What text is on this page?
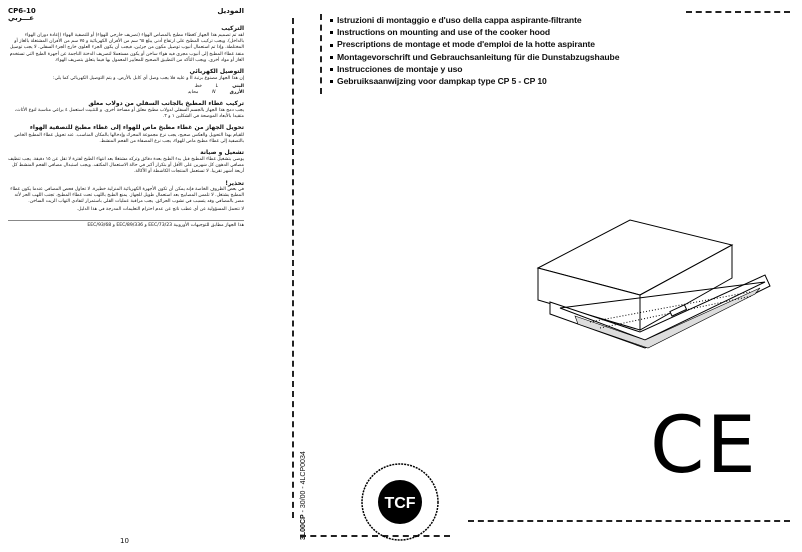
الموديل
CP6-10
عـــربي
التركيب

لقد تم تصميم هذا الجهاز كغطاء مطبخ بالمصاص الهواء (تصريف خارجي للهواء) أو للتصفية الهواء (إعادة دوران الهواء بالداخل). ويجب تركيب المطبخ على ارتفاع أدنى يبلغ ٦٥ سم من الأفران الكهربائية و ٧٥ سم من الأفران المشتغلة بالغاز أو المختلطة. وإذا تم استعمال أنبوب توصيل مكون من جزئين، فيجب أن يكون الجزء العلوي خارج الجزء السفلي. لا يجب توصيل منفذ غطاء المطبخ إلى أنبوب مجرى فيه هواء ساخن أو يكون مستعملا لتصريف الدخنة الناجمة عن أجهزة الطبخ التي تستخدم الغاز أو مواد أخرى. ويجب التأكد من التطبيق الصحيح للمعايير المعمول بها فيما يتعلق بتصريف الهواء.

التوصيل الكهربائي

إن هذا الجهاز مصنوع برتبة II و عليه فلا يجب وصل أي كابل بالأرض. و يتم التوصيل الكهربائي كما يلي:

البني
L
خط
الأزرق
N
محايد
تركيب غطاء المطبخ بالجانب السفلي من دولاب معلق

يجب دمج هذا الجهاز بالجسم السفلي لدولاب مطبخ معلق أو مساحة أخرى. و للتثبيت استعمل ٤ براغي مناسبة لنوع الأثاث، متقيدا بالأبعاد الموضحة في الشكلين ١ و ٢.

تحويل الجهاز من غطاء مطبخ ماص للهواء إلى غطاء مطبخ للتصفية الهواء

للقيام بهذا التحويل والعكس صحيح، يجب نزع مجموعة المحرك وإدخالها بالمكان المناسب. عند تحويل غطاء المطبخ الخاص بالتصفية إلى غطاء مطبخ ماص للهواء، يجب نزع المصفاة من الفحم المنشط.

تشغيل و صيانة

يوصى بتشغيل غطاء المطبخ قبل بدء الطبخ بعدة دقائق وتركه مشتغلا بعد انتهاء الطبخ لفترة لا تقل عن ١٥ دقيقة. يجب تنظيف مصافي الدهون كل شهرين على الأقل أو بتكرار أكبر في حالة الاستعمال المكثف. ويجب استبدال مصافي الفحم المنشط كل أربعة أشهر تقريبا. لا تستعمل المنتجات الكاشطة أو الأكالة.

تحذير!

في بعض الظروف الخاصة فإنه يمكن أن تكون الأجهزة الكهربائية المنزلية خطيرة. لا تحاول فحص المصافي عندما يكون غطاء المطبخ يشتغل. لا تلمس المصابيح بعد استعمال طويل للجهاز. يمنع الطبخ باللهب تحت غطاء المطبخ. تجنب اللهب الحر لأنه مضر بالمصافي وقد يتسبب في نشوب الحرائق. يجب مراقبة عمليات القلي باستمرار لتفادي التهاب الزيت الساخن.

لا نتحمل المسؤولية عن أي عطب ناتج عن عدم احترام التعليمات المدرجة في هذا الدليل.

هذا الجهاز مطابق للتوجيهات الأوروبية 73/23/EEC و 89/336/EEC و 93/68/EEC

10
Istruzioni di montaggio e d'uso della cappa aspirante-filtrante
Instructions on mounting and use of the cooker hood
Prescriptions de montage et mode d'emploi de la hotte aspirante
Montagevorschrift und Gebrauchsanleitung für die Dunstabzugshaube
Instrucciones de montaje y uso
Gebruiksaanwijzing voor dampkap type CP 5 - CP 10
3L00CP - 30/00 - 4LCP0034	TCF
CE
